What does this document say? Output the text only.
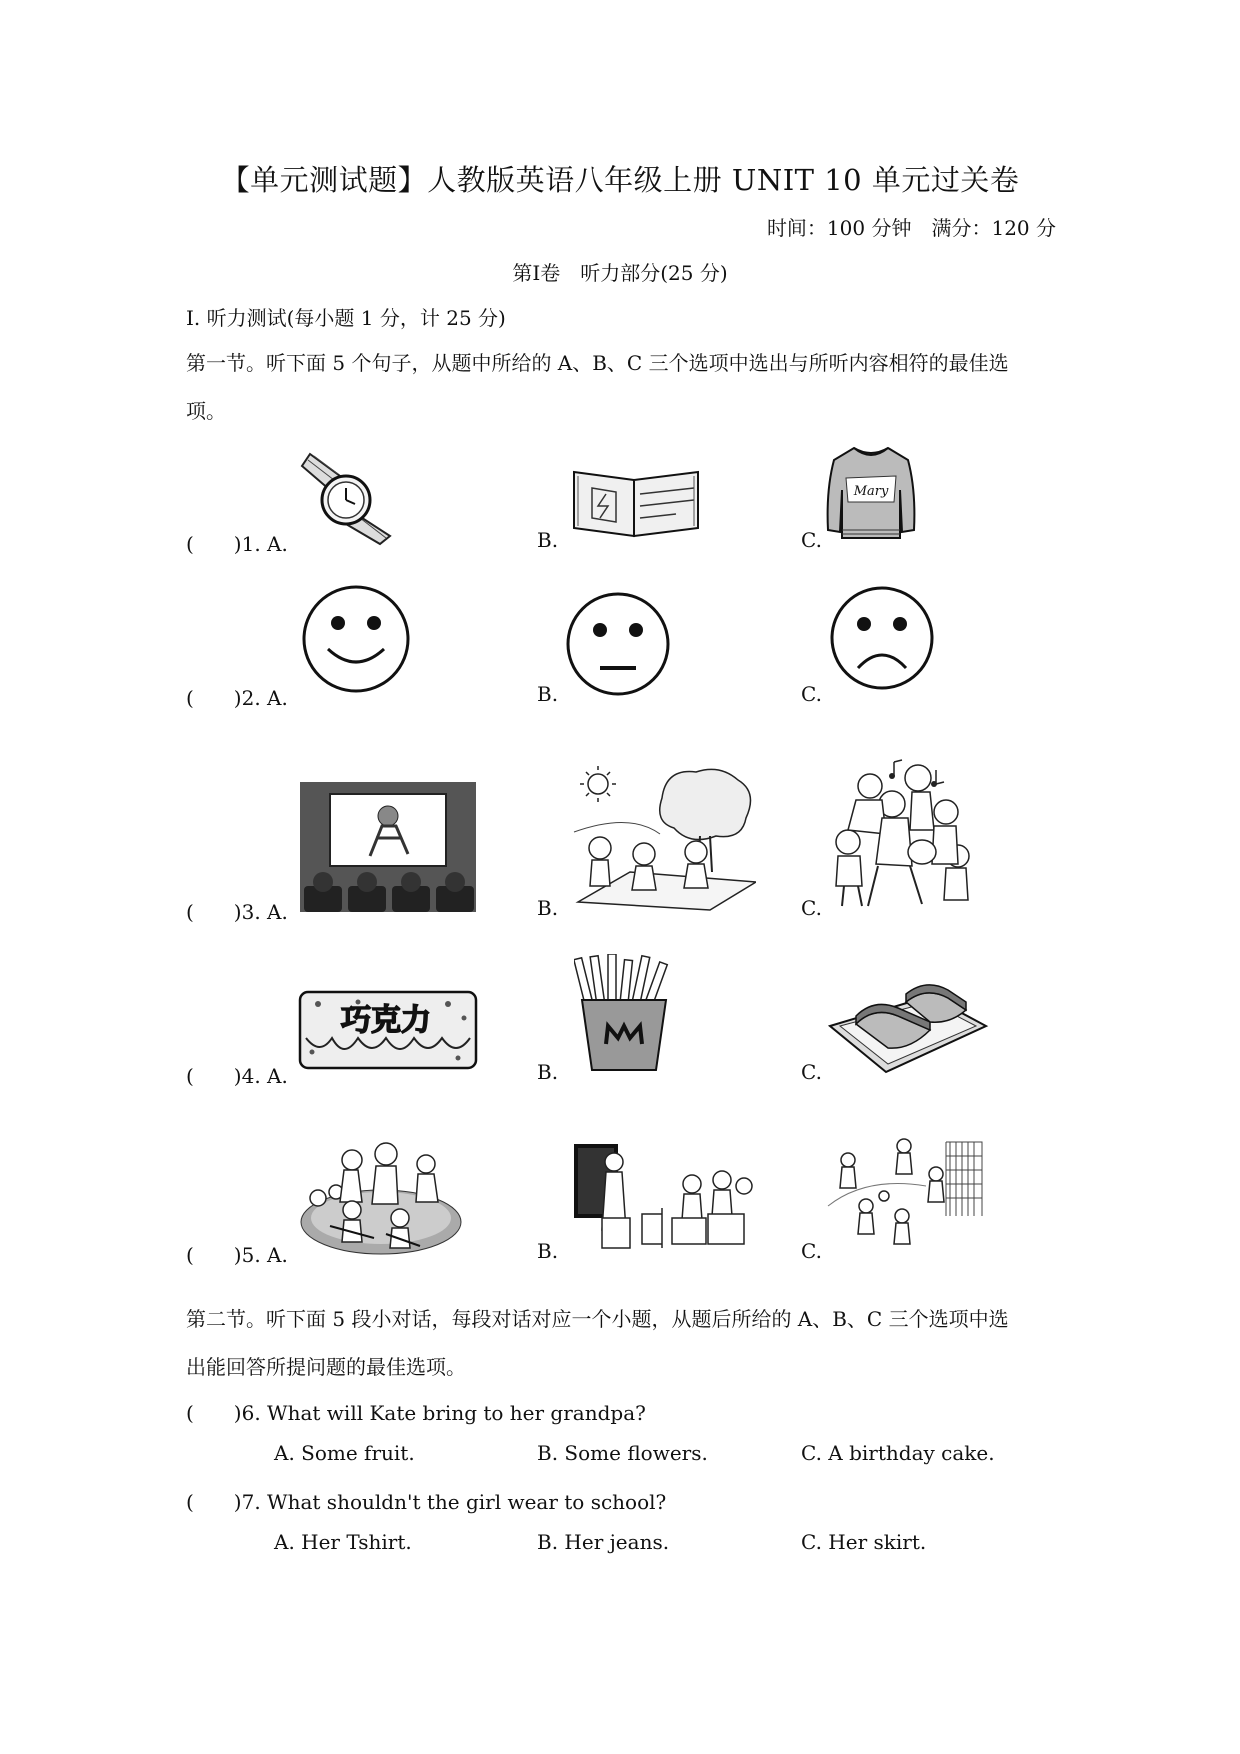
【单元测试题】人教版英语八年级上册 UNIT 10 单元过关卷
时间：100 分钟　满分：120 分
第Ⅰ卷　听力部分(25 分)
Ⅰ. 听力测试(每小题 1 分，计 25 分)
第一节。听下面 5 个句子，从题中所给的 A、B、C 三个选项中选出与所听内容相符的最佳选
项。
(　　)1. A.	B.	C.
Mary
(　　)2. A.	B.	C.
(　　)3. A.	B.	C.
(　　)4. A.	B.	C.
巧克力
(　　)5. A.	B.	C.
第二节。听下面 5 段小对话，每段对话对应一个小题，从题后所给的 A、B、C 三个选项中选
出能回答所提问题的最佳选项。
(　　)6. What will Kate bring to her grandpa?
A. Some fruit.	B. Some flowers.	C. A birthday cake.
(　　)7. What shouldn't the girl wear to school?
A. Her Tshirt.	B. Her jeans.	C. Her skirt.
